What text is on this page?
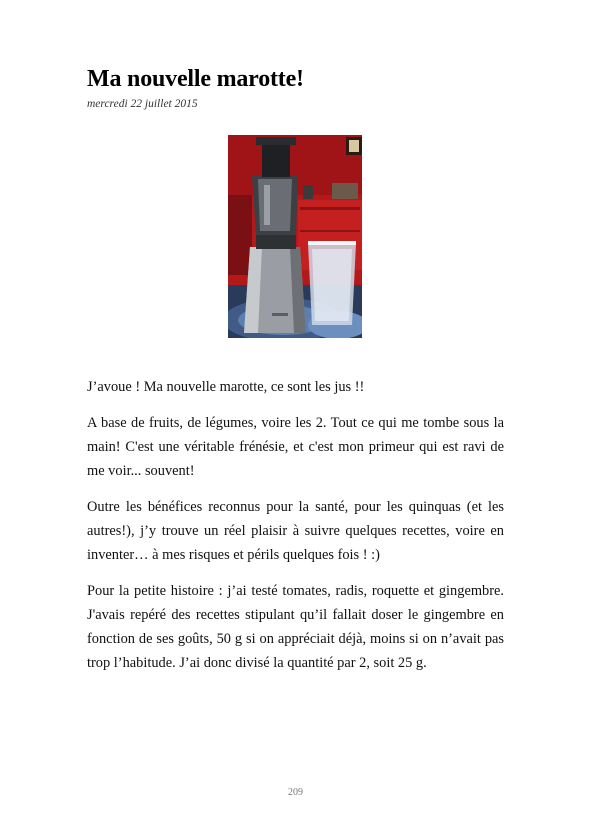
Ma nouvelle marotte!
mercredi 22 juillet 2015

J’avoue ! Ma nouvelle marotte, ce sont les jus !!

A base de fruits, de légumes, voire les 2. Tout ce qui me tombe sous la main! C'est une véritable frénésie, et c'est mon primeur qui est ravi de me voir... souvent!

Outre les bénéfices reconnus pour la santé, pour les quinquas (et les autres!), j’y trouve un réel plaisir à suivre quelques recettes, voire en inventer… à mes risques et périls quelques fois ! :)

Pour la petite histoire : j’ai testé tomates, radis, roquette et gingembre. J'avais repéré des recettes stipulant qu’il fallait doser le gingembre en fonction de ses goûts, 50 g si on appréciait déjà, moins si on n’avait pas trop l’habitude. J’ai donc divisé la quantité par 2, soit 25 g.

209
